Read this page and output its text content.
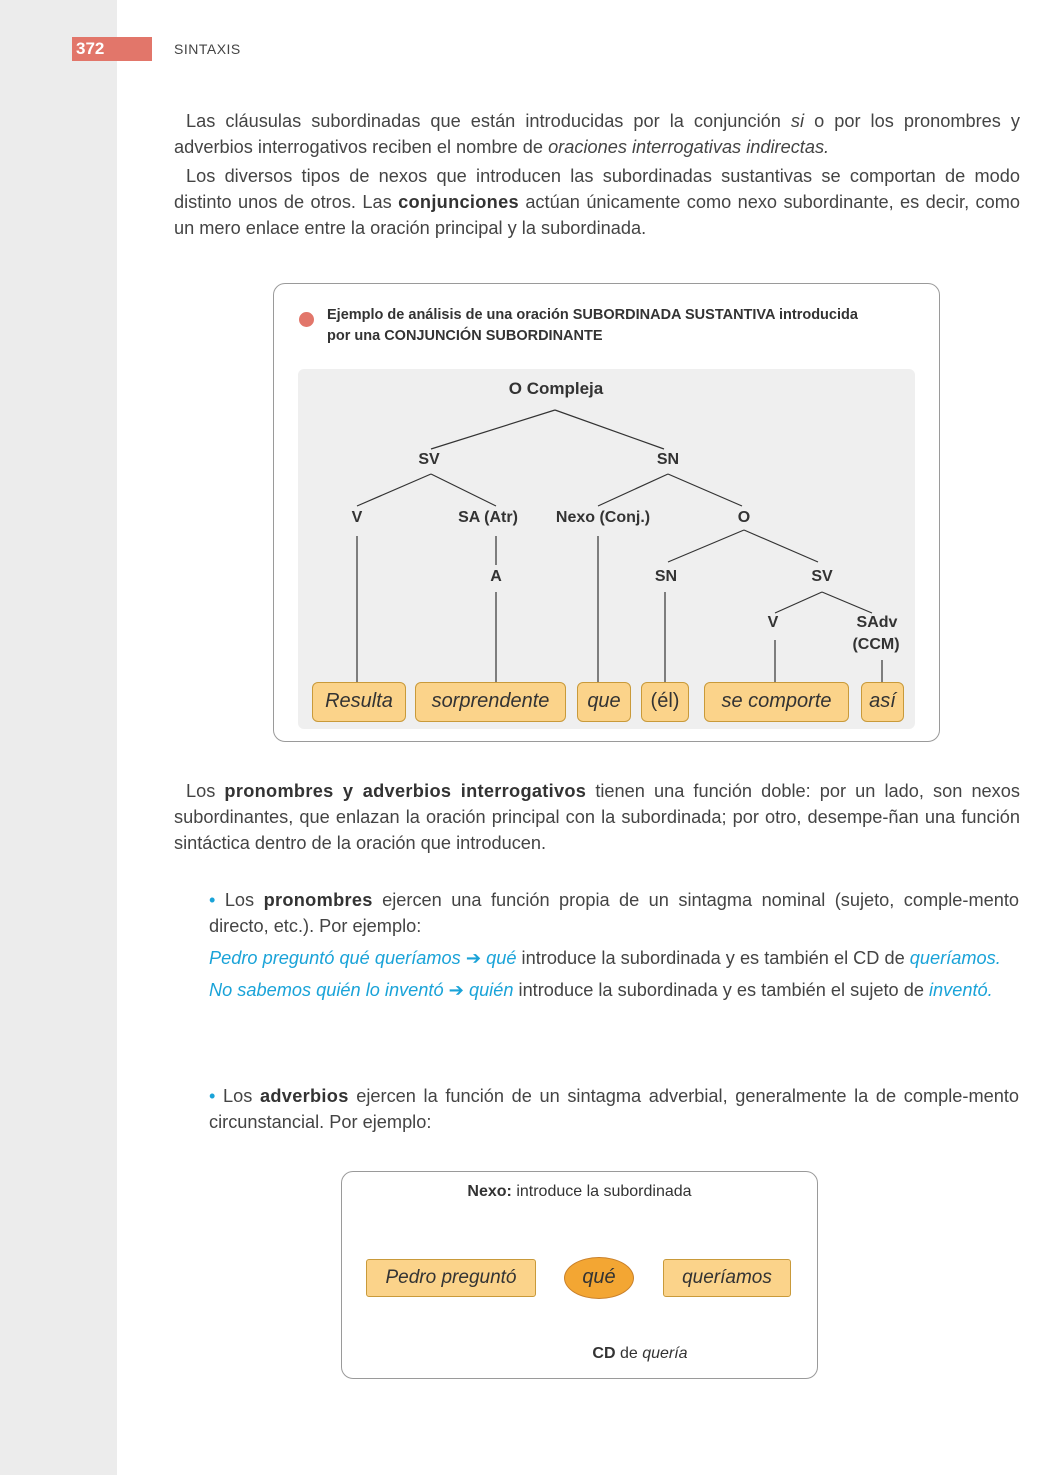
372	SINTAXIS

Las cláusulas subordinadas que están introducidas por la conjunción si o por los pronombres y adverbios interrogativos reciben el nombre de oraciones interrogativas indirectas.

Los diversos tipos de nexos que introducen las subordinadas sustantivas se comportan de modo distinto unos de otros. Las conjunciones actúan únicamente como nexo subordinante, es decir, como un mero enlace entre la oración principal y la subordinada.

Ejemplo de análisis de una oración SUBORDINADA SUSTANTIVA introducida
por una CONJUNCIÓN SUBORDINANTE
O Compleja
SV	SN
V	SA (Atr) Nexo (Conj.)	O
A	SN	SV
V	SAdv
(CCM)
Resulta	sorprendente	que	(él)	se comporte	así

Los pronombres y adverbios interrogativos tienen una función doble: por un lado, son nexos subordinantes, que enlazan la oración principal con la subordinada; por otro, desempe-ñan una función sintáctica dentro de la oración que introducen.

• Los pronombres ejercen una función propia de un sintagma nominal (sujeto, comple-mento directo, etc.). Por ejemplo:

Pedro preguntó qué queríamos ➔ qué introduce la subordinada y es también el CD de queríamos.

No sabemos quién lo inventó ➔ quién introduce la subordinada y es también el sujeto de inventó.

• Los adverbios ejercen la función de un sintagma adverbial, generalmente la de comple-mento circunstancial. Por ejemplo:

Nexo: introduce la subordinada
Pedro preguntó	qué	queríamos
CD de quería
